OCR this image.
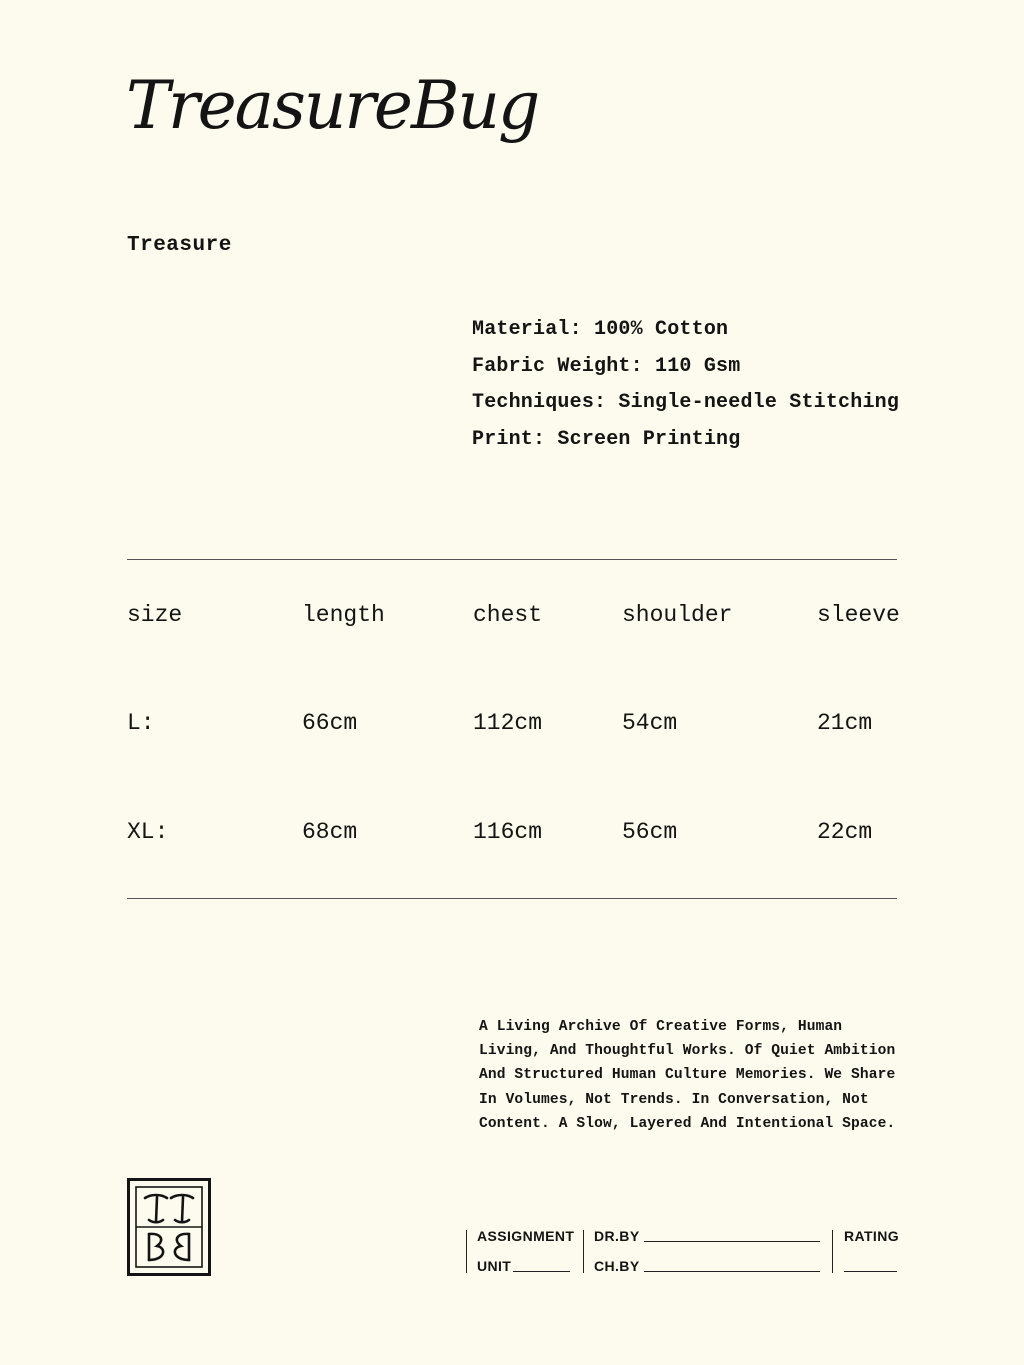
TreasureBug
Treasure
Material: 100% Cotton
Fabric Weight: 110 Gsm
Techniques: Single-needle Stitching
Print: Screen Printing
size	length	chest	shoulder	sleeve
L:	66cm	112cm	54cm	21cm
XL:	68cm	116cm	56cm	22cm

A Living Archive Of Creative Forms, Human Living, And Thoughtful Works. Of Quiet Ambition And Structured Human Culture Memories. We Share In Volumes, Not Trends. In Conversation, Not Content. A Slow, Layered And Intentional Space.

ASSIGNMENT
UNIT
DR.BY
CH.BY
RATING
